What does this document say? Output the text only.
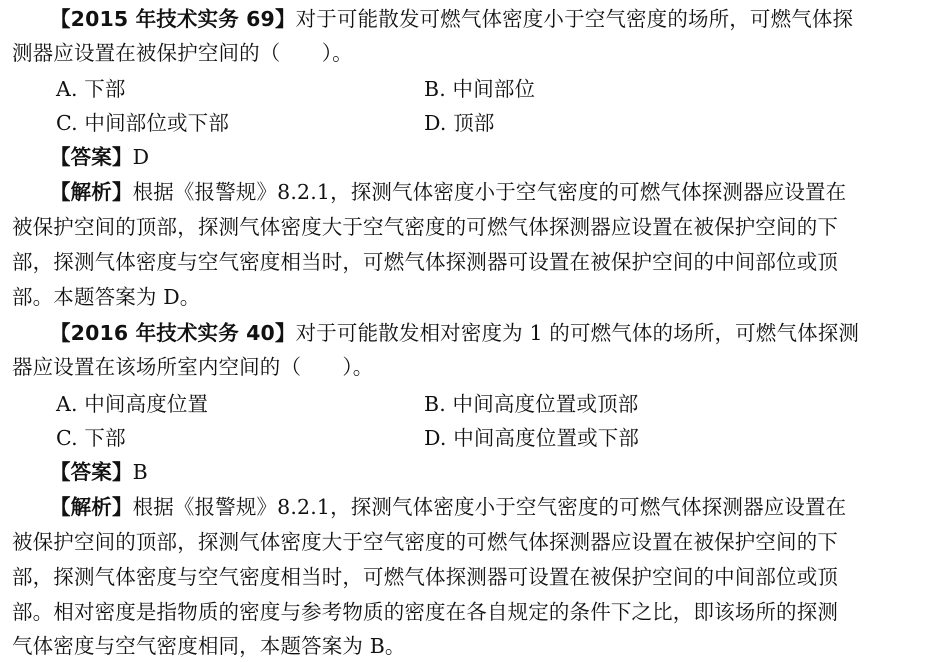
【2015 年技术实务 69】对于可能散发可燃气体密度小于空气密度的场所，可燃气体探
测器应设置在被保护空间的（　　）。
A. 下部	B. 中间部位
C. 中间部位或下部	D. 顶部
【答案】D
【解析】根据《报警规》8.2.1，探测气体密度小于空气密度的可燃气体探测器应设置在
被保护空间的顶部，探测气体密度大于空气密度的可燃气体探测器应设置在被保护空间的下
部，探测气体密度与空气密度相当时，可燃气体探测器可设置在被保护空间的中间部位或顶
部。本题答案为 D。
【2016 年技术实务 40】对于可能散发相对密度为 1 的可燃气体的场所，可燃气体探测
器应设置在该场所室内空间的（　　）。
A. 中间高度位置	B. 中间高度位置或顶部
C. 下部	D. 中间高度位置或下部
【答案】B
【解析】根据《报警规》8.2.1，探测气体密度小于空气密度的可燃气体探测器应设置在
被保护空间的顶部，探测气体密度大于空气密度的可燃气体探测器应设置在被保护空间的下
部，探测气体密度与空气密度相当时，可燃气体探测器可设置在被保护空间的中间部位或顶
部。相对密度是指物质的密度与参考物质的密度在各自规定的条件下之比，即该场所的探测
气体密度与空气密度相同，本题答案为 B。
